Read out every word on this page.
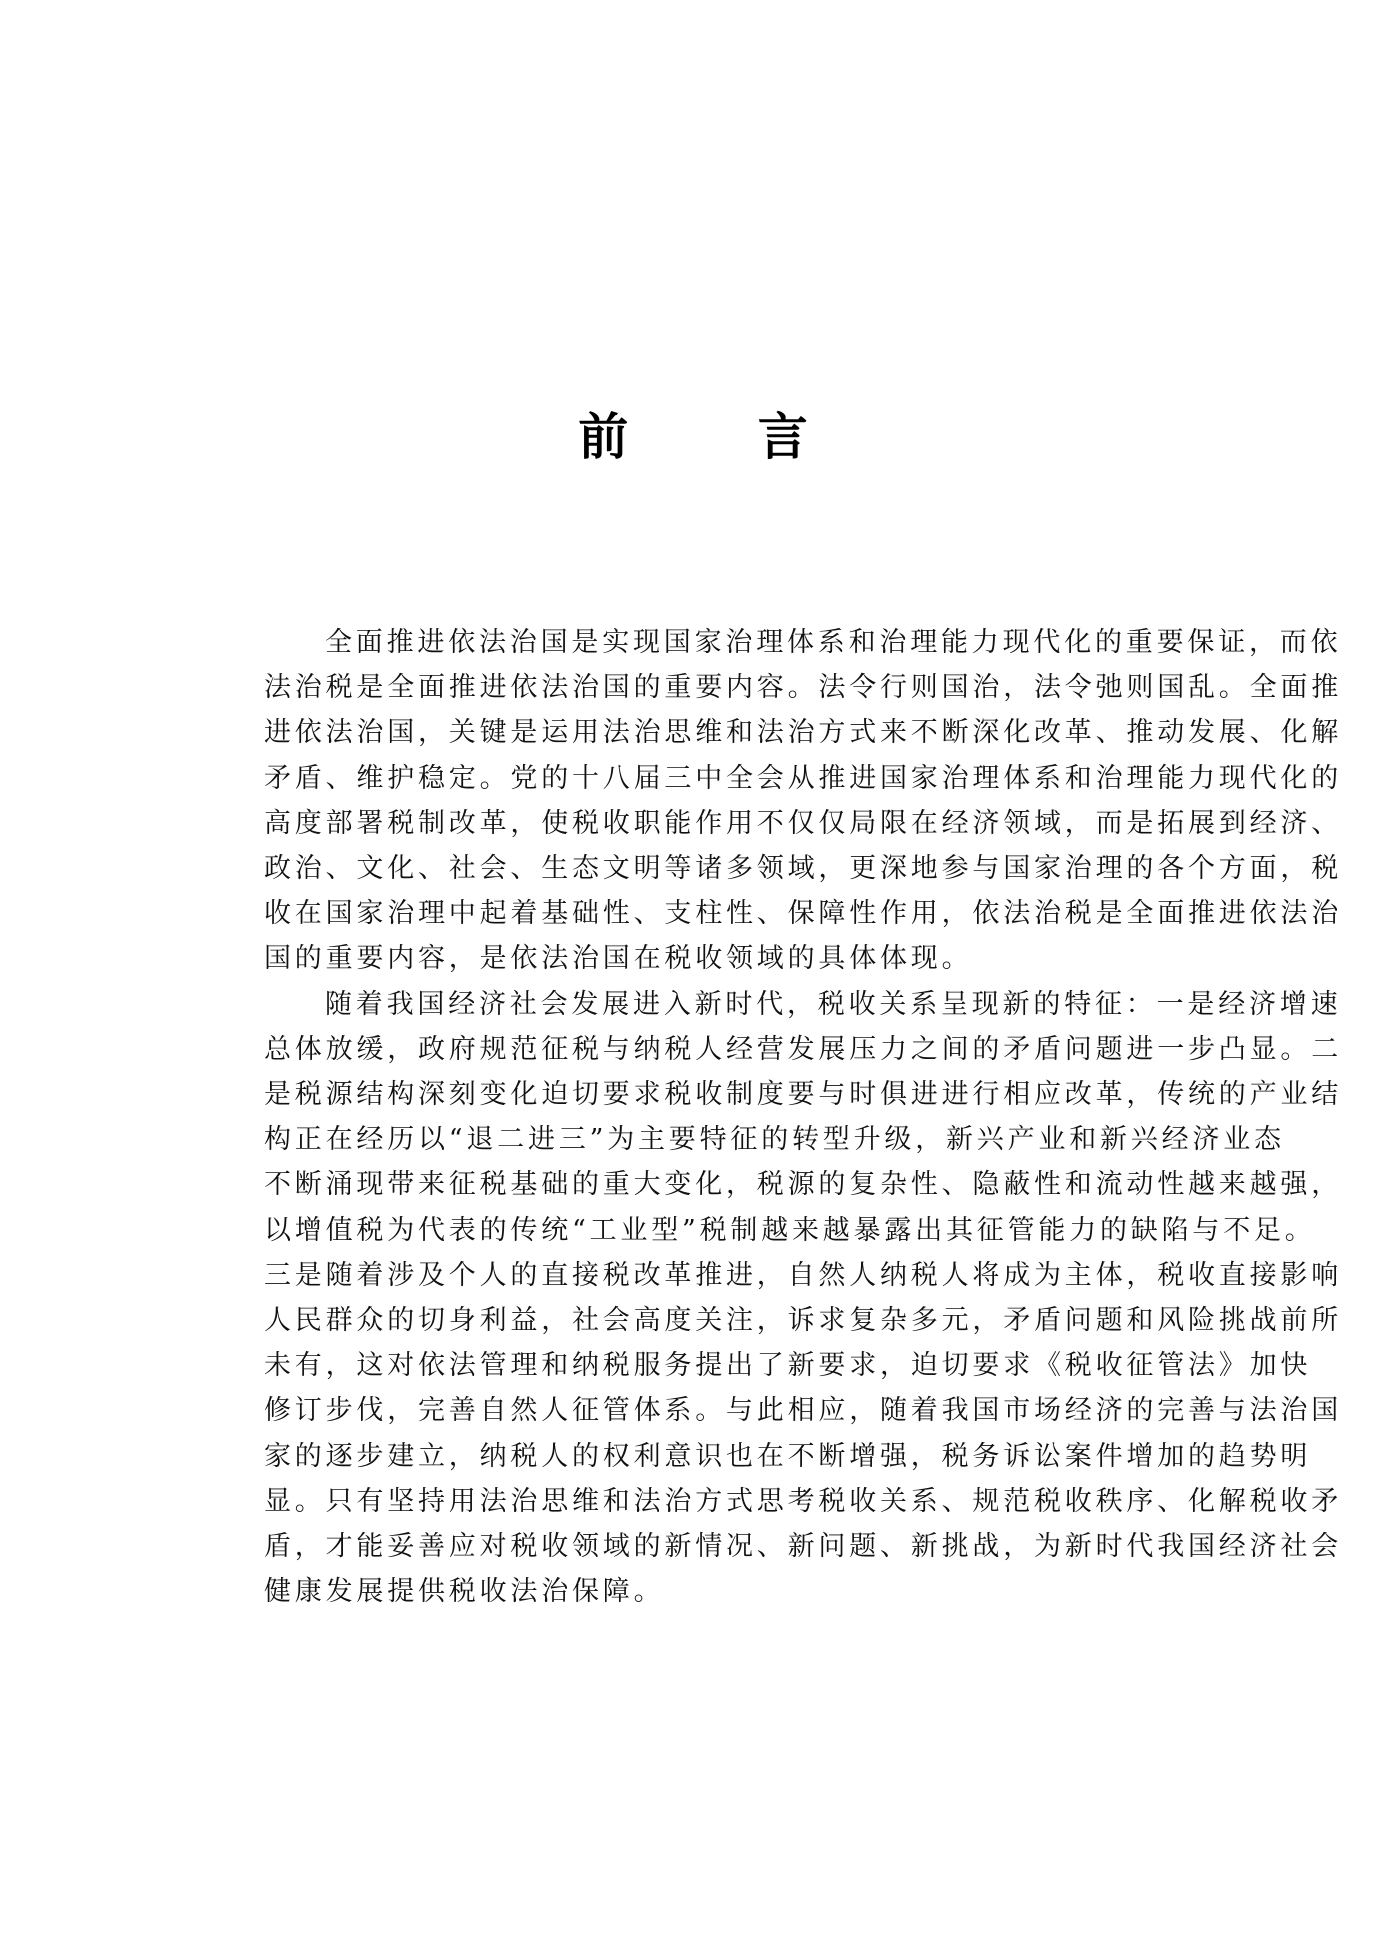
前 言

全面推进依法治国是实现国家治理体系和治理能力现代化的重要保证，而依
法治税是全面推进依法治国的重要内容。法令行则国治，法令弛则国乱。全面推
进依法治国，关键是运用法治思维和法治方式来不断深化改革、推动发展、化解
矛盾、维护稳定。党的十八届三中全会从推进国家治理体系和治理能力现代化的
高度部署税制改革，使税收职能作用不仅仅局限在经济领域，而是拓展到经济、
政治、文化、社会、生态文明等诸多领域，更深地参与国家治理的各个方面，税
收在国家治理中起着基础性、支柱性、保障性作用，依法治税是全面推进依法治
国的重要内容，是依法治国在税收领域的具体体现。

随着我国经济社会发展进入新时代，税收关系呈现新的特征：一是经济增速
总体放缓，政府规范征税与纳税人经营发展压力之间的矛盾问题进一步凸显。二
是税源结构深刻变化迫切要求税收制度要与时俱进进行相应改革，传统的产业结
构正在经历以“退二进三”为主要特征的转型升级，新兴产业和新兴经济业态
不断涌现带来征税基础的重大变化，税源的复杂性、隐蔽性和流动性越来越强，
以增值税为代表的传统“工业型”税制越来越暴露出其征管能力的缺陷与不足。
三是随着涉及个人的直接税改革推进，自然人纳税人将成为主体，税收直接影响
人民群众的切身利益，社会高度关注，诉求复杂多元，矛盾问题和风险挑战前所
未有，这对依法管理和纳税服务提出了新要求，迫切要求《税收征管法》加快
修订步伐，完善自然人征管体系。与此相应，随着我国市场经济的完善与法治国
家的逐步建立，纳税人的权利意识也在不断增强，税务诉讼案件增加的趋势明
显。只有坚持用法治思维和法治方式思考税收关系、规范税收秩序、化解税收矛
盾，才能妥善应对税收领域的新情况、新问题、新挑战，为新时代我国经济社会
健康发展提供税收法治保障。
